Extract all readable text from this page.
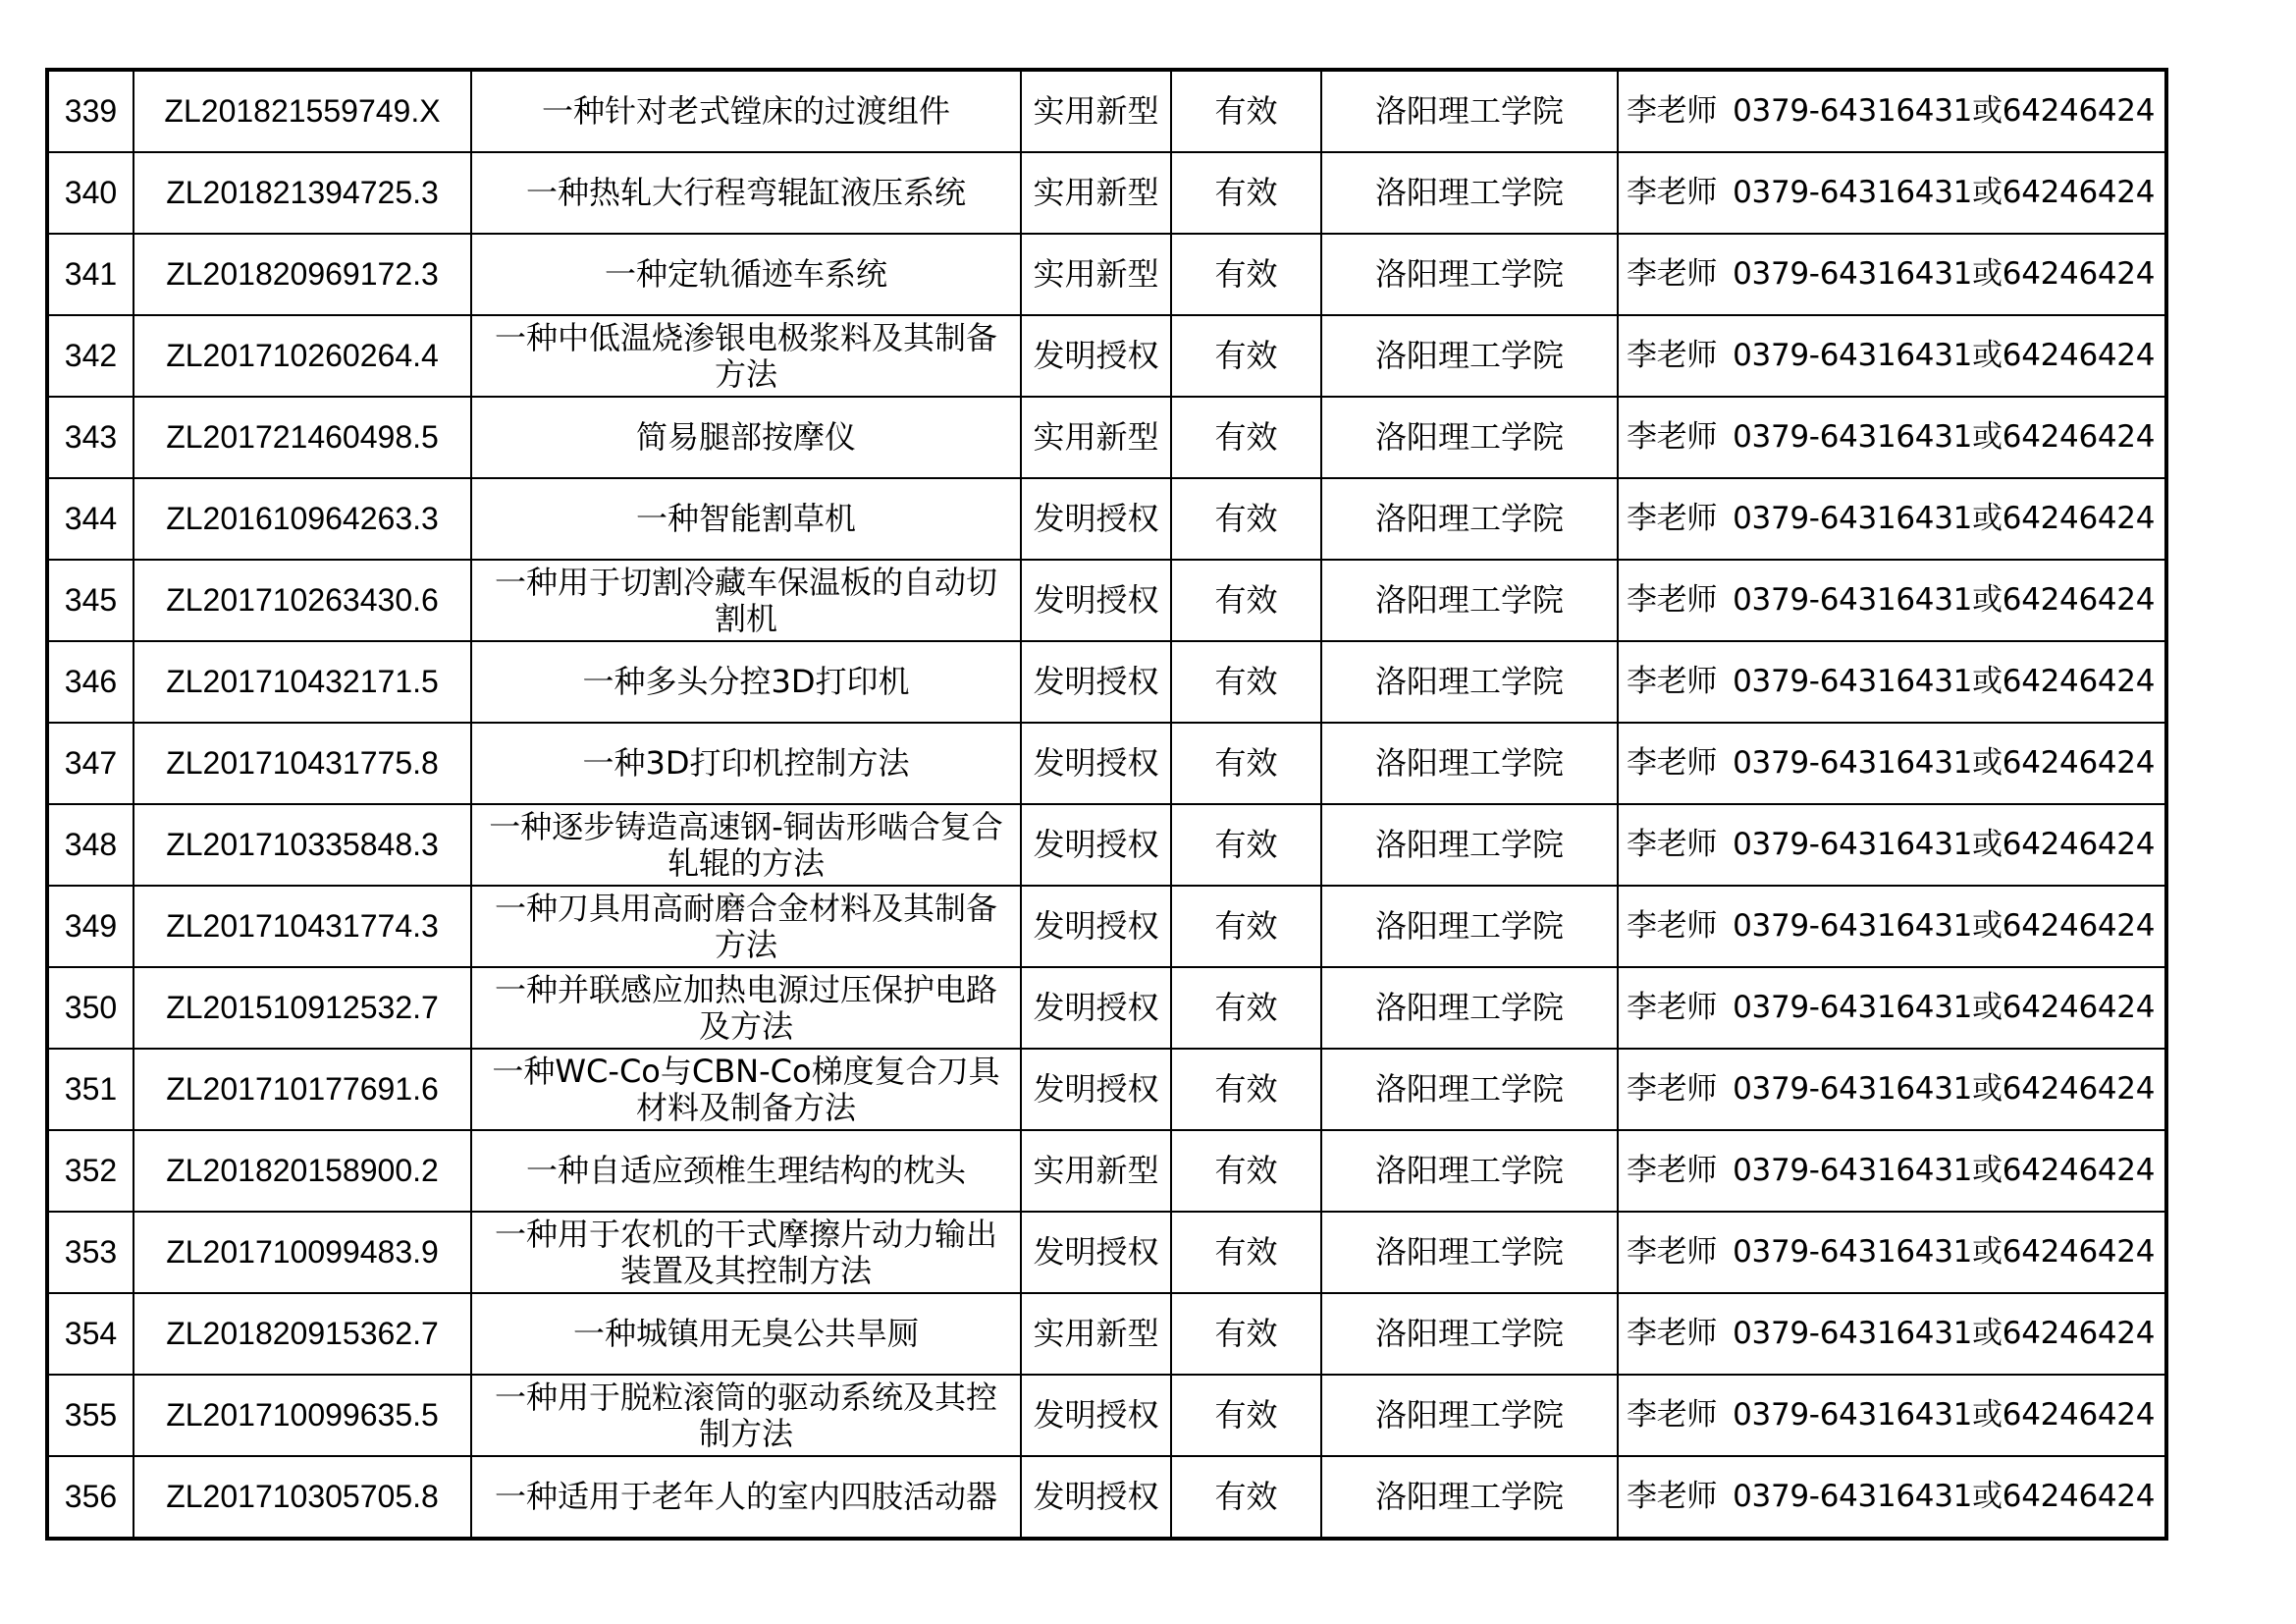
339	ZL201821559749.X	一种针对老式镗床的过渡组件	实用新型	有效	洛阳理工学院	李老师 0379-64316431或64246424
340	ZL201821394725.3	一种热轧大行程弯辊缸液压系统	实用新型	有效	洛阳理工学院	李老师 0379-64316431或64246424
341	ZL201820969172.3	一种定轨循迹车系统	实用新型	有效	洛阳理工学院	李老师 0379-64316431或64246424
342	ZL201710260264.4	一种中低温烧渗银电极浆料及其制备方法	发明授权	有效	洛阳理工学院	李老师 0379-64316431或64246424
343	ZL201721460498.5	简易腿部按摩仪	实用新型	有效	洛阳理工学院	李老师 0379-64316431或64246424
344	ZL201610964263.3	一种智能割草机	发明授权	有效	洛阳理工学院	李老师 0379-64316431或64246424
345	ZL201710263430.6	一种用于切割冷藏车保温板的自动切割机	发明授权	有效	洛阳理工学院	李老师 0379-64316431或64246424
346	ZL201710432171.5	一种多头分控3D打印机	发明授权	有效	洛阳理工学院	李老师 0379-64316431或64246424
347	ZL201710431775.8	一种3D打印机控制方法	发明授权	有效	洛阳理工学院	李老师 0379-64316431或64246424
348	ZL201710335848.3	一种逐步铸造高速钢-铜齿形啮合复合轧辊的方法	发明授权	有效	洛阳理工学院	李老师 0379-64316431或64246424
349	ZL201710431774.3	一种刀具用高耐磨合金材料及其制备方法	发明授权	有效	洛阳理工学院	李老师 0379-64316431或64246424
350	ZL201510912532.7	一种并联感应加热电源过压保护电路及方法	发明授权	有效	洛阳理工学院	李老师 0379-64316431或64246424
351	ZL201710177691.6	一种WC-Co与CBN-Co梯度复合刀具材料及制备方法	发明授权	有效	洛阳理工学院	李老师 0379-64316431或64246424
352	ZL201820158900.2	一种自适应颈椎生理结构的枕头	实用新型	有效	洛阳理工学院	李老师 0379-64316431或64246424
353	ZL201710099483.9	一种用于农机的干式摩擦片动力输出装置及其控制方法	发明授权	有效	洛阳理工学院	李老师 0379-64316431或64246424
354	ZL201820915362.7	一种城镇用无臭公共旱厕	实用新型	有效	洛阳理工学院	李老师 0379-64316431或64246424
355	ZL201710099635.5	一种用于脱粒滚筒的驱动系统及其控制方法	发明授权	有效	洛阳理工学院	李老师 0379-64316431或64246424
356	ZL201710305705.8	一种适用于老年人的室内四肢活动器	发明授权	有效	洛阳理工学院	李老师 0379-64316431或64246424
